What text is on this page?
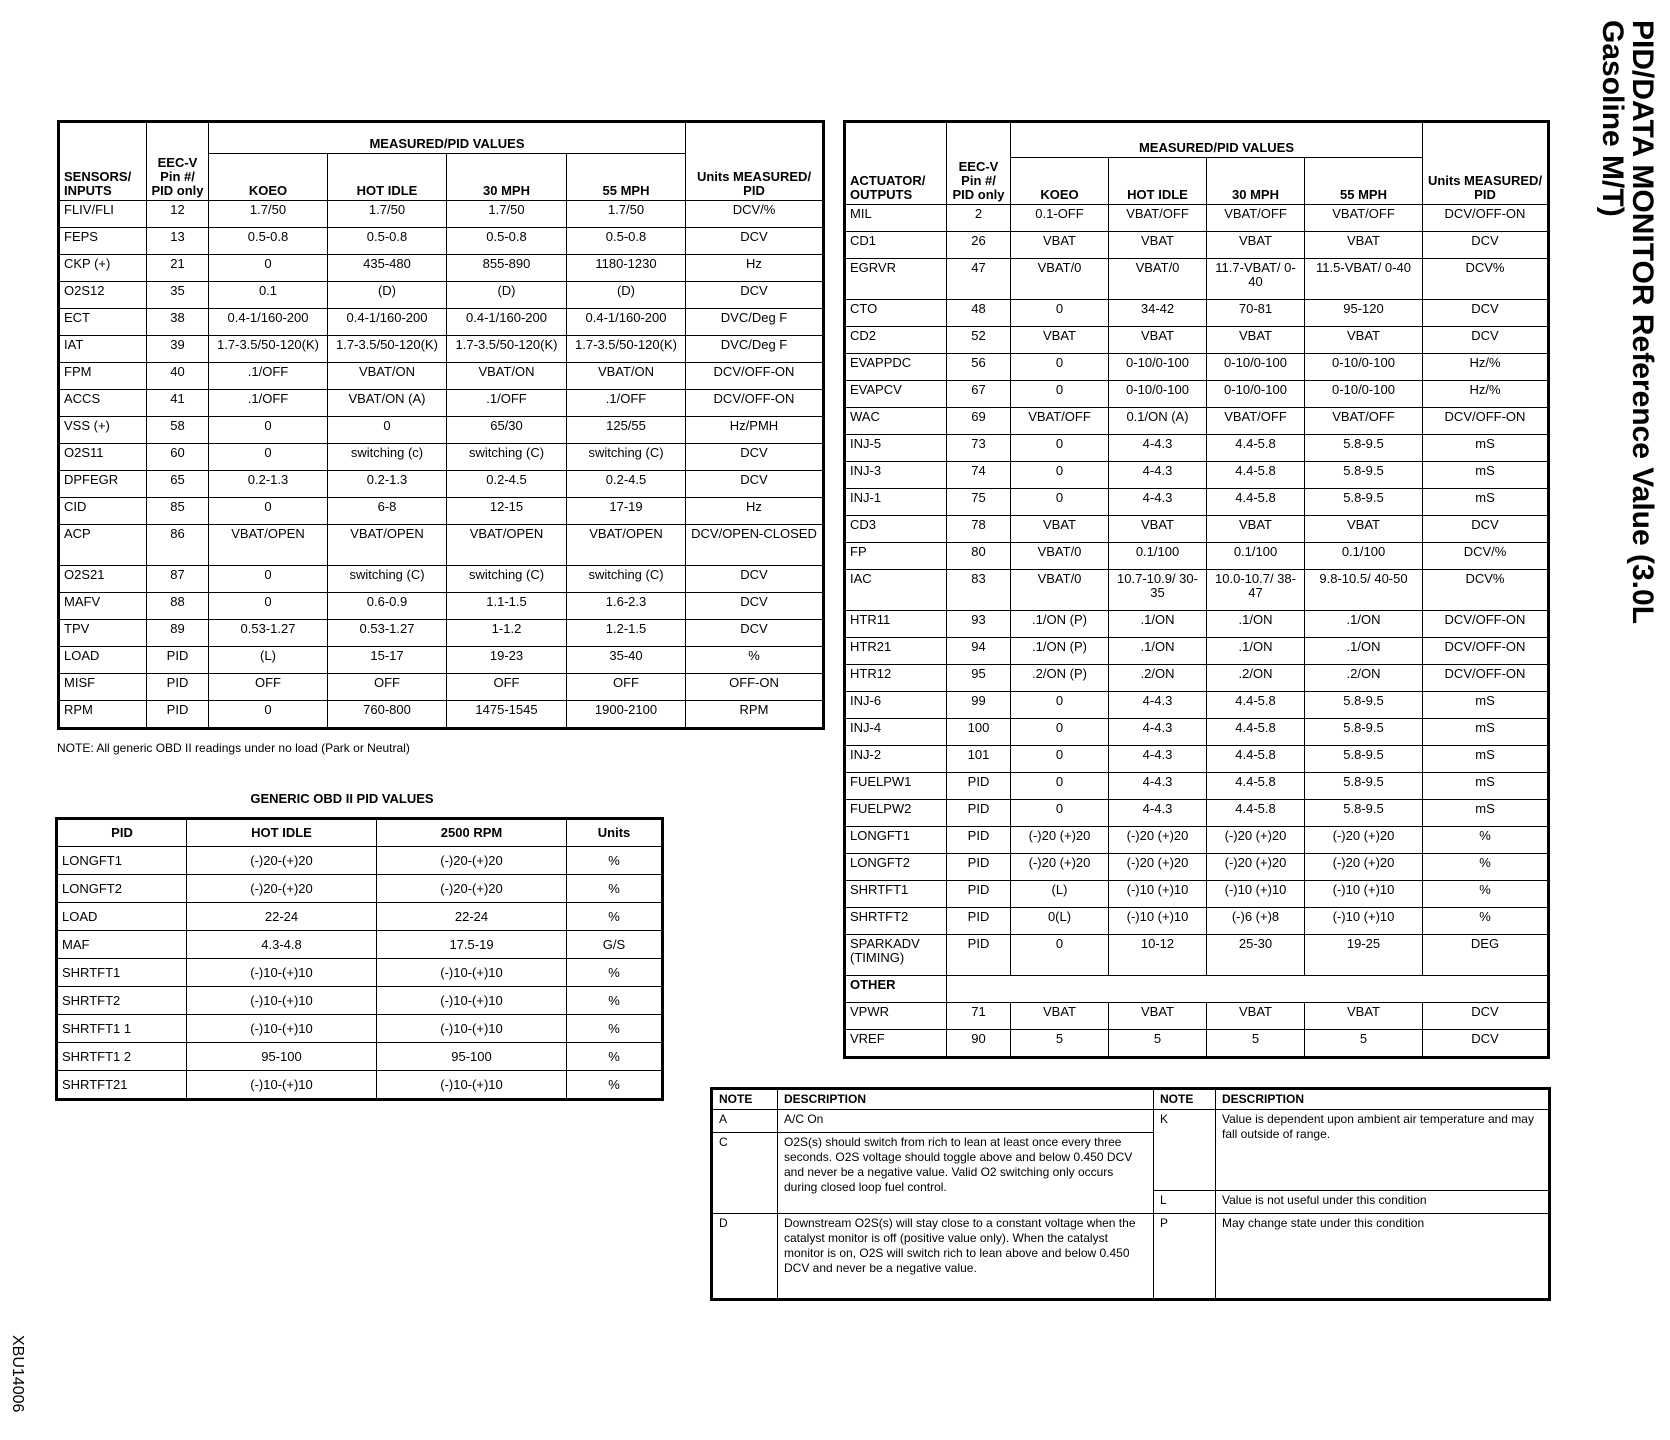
PID/DATA MONITOR Reference Value (3.0L
Gasoline M/T)
XBU14006
SENSORS/ INPUTS	EEC-V Pin #/ PID only	MEASURED/PID VALUES				Units MEASURED/ PID
		KOEO	HOT IDLE	30 MPH	55 MPH	
FLIV/FLI	12	1.7/50	1.7/50	1.7/50	1.7/50	DCV/%
FEPS	13	0.5-0.8	0.5-0.8	0.5-0.8	0.5-0.8	DCV
CKP (+)	21	0	435-480	855-890	1180-1230	Hz
O2S12	35	0.1	(D)	(D)	(D)	DCV
ECT	38	0.4-1/160-200	0.4-1/160-200	0.4-1/160-200	0.4-1/160-200	DVC/Deg F
IAT	39	1.7-3.5/50-120(K)	1.7-3.5/50-120(K)	1.7-3.5/50-120(K)	1.7-3.5/50-120(K)	DVC/Deg F
FPM	40	.1/OFF	VBAT/ON	VBAT/ON	VBAT/ON	DCV/OFF-ON
ACCS	41	.1/OFF	VBAT/ON (A)	.1/OFF	.1/OFF	DCV/OFF-ON
VSS (+)	58	0	0	65/30	125/55	Hz/PMH
O2S11	60	0	switching (c)	switching (C)	switching (C)	DCV
DPFEGR	65	0.2-1.3	0.2-1.3	0.2-4.5	0.2-4.5	DCV
CID	85	0	6-8	12-15	17-19	Hz
ACP	86	VBAT/OPEN	VBAT/OPEN	VBAT/OPEN	VBAT/OPEN	DCV/OPEN-CLOSED
O2S21	87	0	switching (C)	switching (C)	switching (C)	DCV
MAFV	88	0	0.6-0.9	1.1-1.5	1.6-2.3	DCV
TPV	89	0.53-1.27	0.53-1.27	1-1.2	1.2-1.5	DCV
LOAD	PID	(L)	15-17	19-23	35-40	%
MISF	PID	OFF	OFF	OFF	OFF	OFF-ON
RPM	PID	0	760-800	1475-1545	1900-2100	RPM
NOTE: All generic OBD II readings under no load (Park or Neutral)
GENERIC OBD II PID VALUES
PID	HOT IDLE	2500 RPM	Units
LONGFT1	(-)20-(+)20	(-)20-(+)20	%
LONGFT2	(-)20-(+)20	(-)20-(+)20	%
LOAD	22-24	22-24	%
MAF	4.3-4.8	17.5-19	G/S
SHRTFT1	(-)10-(+)10	(-)10-(+)10	%
SHRTFT2	(-)10-(+)10	(-)10-(+)10	%
SHRTFT1 1	(-)10-(+)10	(-)10-(+)10	%
SHRTFT1 2	95-100	95-100	%
SHRTFT21	(-)10-(+)10	(-)10-(+)10	%
ACTUATOR/ OUTPUTS	EEC-V Pin #/ PID only	MEASURED/PID VALUES				Units MEASURED/ PID
		KOEO	HOT IDLE	30 MPH	55 MPH	
MIL	2	0.1-OFF	VBAT/OFF	VBAT/OFF	VBAT/OFF	DCV/OFF-ON
CD1	26	VBAT	VBAT	VBAT	VBAT	DCV
EGRVR	47	VBAT/0	VBAT/0	11.7-VBAT/ 0-40	11.5-VBAT/ 0-40	DCV%
CTO	48	0	34-42	70-81	95-120	DCV
CD2	52	VBAT	VBAT	VBAT	VBAT	DCV
EVAPPDC	56	0	0-10/0-100	0-10/0-100	0-10/0-100	Hz/%
EVAPCV	67	0	0-10/0-100	0-10/0-100	0-10/0-100	Hz/%
WAC	69	VBAT/OFF	0.1/ON (A)	VBAT/OFF	VBAT/OFF	DCV/OFF-ON
INJ-5	73	0	4-4.3	4.4-5.8	5.8-9.5	mS
INJ-3	74	0	4-4.3	4.4-5.8	5.8-9.5	mS
INJ-1	75	0	4-4.3	4.4-5.8	5.8-9.5	mS
CD3	78	VBAT	VBAT	VBAT	VBAT	DCV
FP	80	VBAT/0	0.1/100	0.1/100	0.1/100	DCV/%
IAC	83	VBAT/0	10.7-10.9/ 30-35	10.0-10.7/ 38-47	9.8-10.5/ 40-50	DCV%
HTR11	93	.1/ON (P)	.1/ON	.1/ON	.1/ON	DCV/OFF-ON
HTR21	94	.1/ON (P)	.1/ON	.1/ON	.1/ON	DCV/OFF-ON
HTR12	95	.2/ON (P)	.2/ON	.2/ON	.2/ON	DCV/OFF-ON
INJ-6	99	0	4-4.3	4.4-5.8	5.8-9.5	mS
INJ-4	100	0	4-4.3	4.4-5.8	5.8-9.5	mS
INJ-2	101	0	4-4.3	4.4-5.8	5.8-9.5	mS
FUELPW1	PID	0	4-4.3	4.4-5.8	5.8-9.5	mS
FUELPW2	PID	0	4-4.3	4.4-5.8	5.8-9.5	mS
LONGFT1	PID	(-)20 (+)20	(-)20 (+)20	(-)20 (+)20	(-)20 (+)20	%
LONGFT2	PID	(-)20 (+)20	(-)20 (+)20	(-)20 (+)20	(-)20 (+)20	%
SHRTFT1	PID	(L)	(-)10 (+)10	(-)10 (+)10	(-)10 (+)10	%
SHRTFT2	PID	0(L)	(-)10 (+)10	(-)6 (+)8	(-)10 (+)10	%
SPARKADV (TIMING)	PID	0	10-12	25-30	19-25	DEG
OTHER						
VPWR	71	VBAT	VBAT	VBAT	VBAT	DCV
VREF	90	5	5	5	5	DCV
NOTE	DESCRIPTION	NOTE	DESCRIPTION
A	A/C On	K	Value is dependent upon ambient air temperature and may fall outside of range.
C	O2S(s) should switch from rich to lean at least once every three seconds. O2S voltage should toggle above and below 0.450 DCV and never be a negative value. Valid O2 switching only occurs during closed loop fuel control.		
		L	Value is not useful under this condition
D	Downstream O2S(s) will stay close to a constant voltage when the catalyst monitor is off (positive value only). When the catalyst monitor is on, O2S will switch rich to lean above and below 0.450 DCV and never be a negative value.	P	May change state under this condition
